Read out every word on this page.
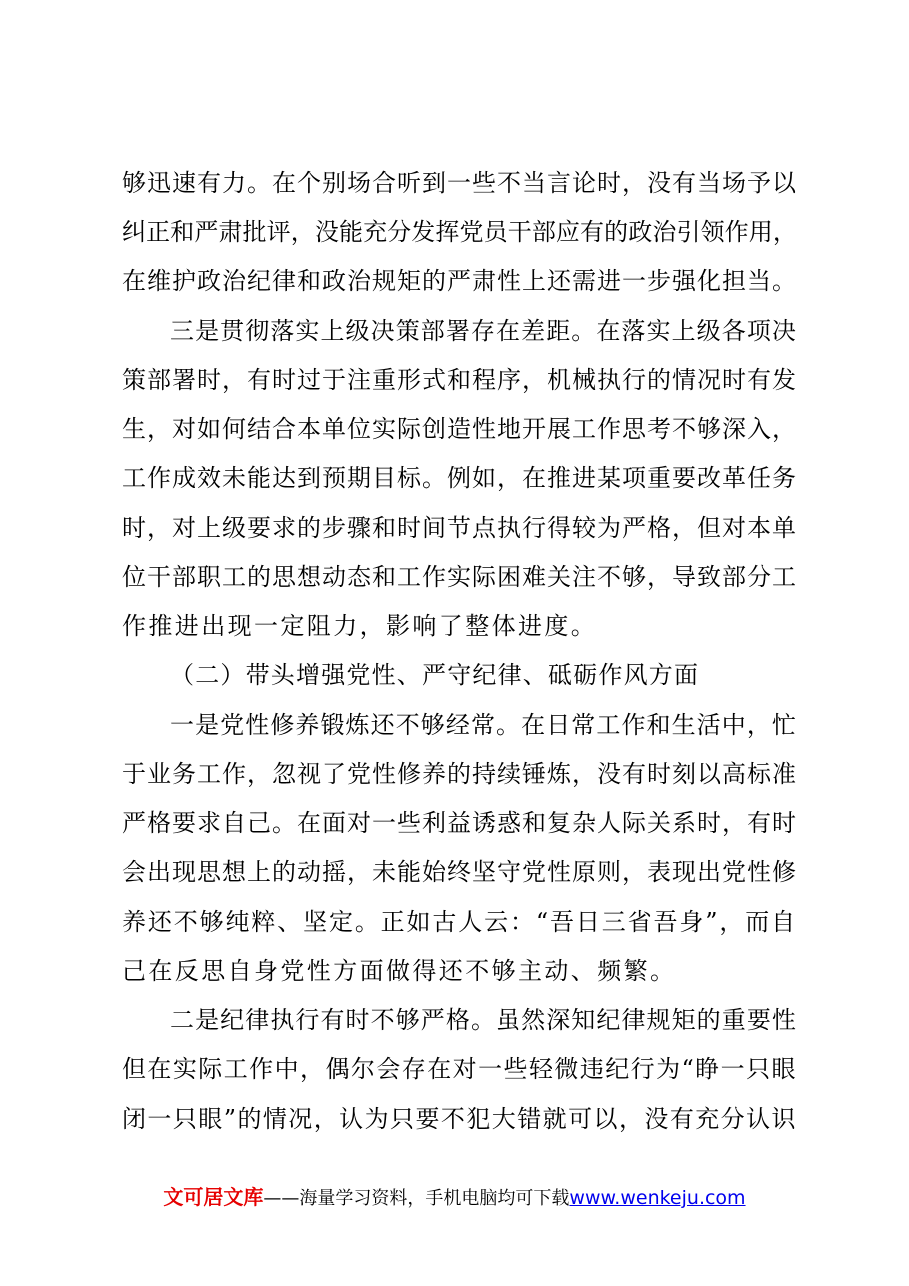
够迅速有力。在个别场合听到一些不当言论时，没有当场予以
纠正和严肃批评，没能充分发挥党员干部应有的政治引领作用，
在维护政治纪律和政治规矩的严肃性上还需进一步强化担当。
三是贯彻落实上级决策部署存在差距。在落实上级各项决
策部署时，有时过于注重形式和程序，机械执行的情况时有发
生，对如何结合本单位实际创造性地开展工作思考不够深入，
工作成效未能达到预期目标。例如，在推进某项重要改革任务
时，对上级要求的步骤和时间节点执行得较为严格，但对本单
位干部职工的思想动态和工作实际困难关注不够，导致部分工
作推进出现一定阻力，影响了整体进度。
（二）带头增强党性、严守纪律、砥砺作风方面
一是党性修养锻炼还不够经常。在日常工作和生活中，忙
于业务工作，忽视了党性修养的持续锤炼，没有时刻以高标准
严格要求自己。在面对一些利益诱惑和复杂人际关系时，有时
会出现思想上的动摇，未能始终坚守党性原则，表现出党性修
养还不够纯粹、坚定。正如古人云：“吾日三省吾身”，而自
己在反思自身党性方面做得还不够主动、频繁。
二是纪律执行有时不够严格。虽然深知纪律规矩的重要性
但在实际工作中，偶尔会存在对一些轻微违纪行为“睁一只眼
闭一只眼”的情况，认为只要不犯大错就可以，没有充分认识
文可居文库——海量学习资料，手机电脑均可下载www.wenkeju.com
